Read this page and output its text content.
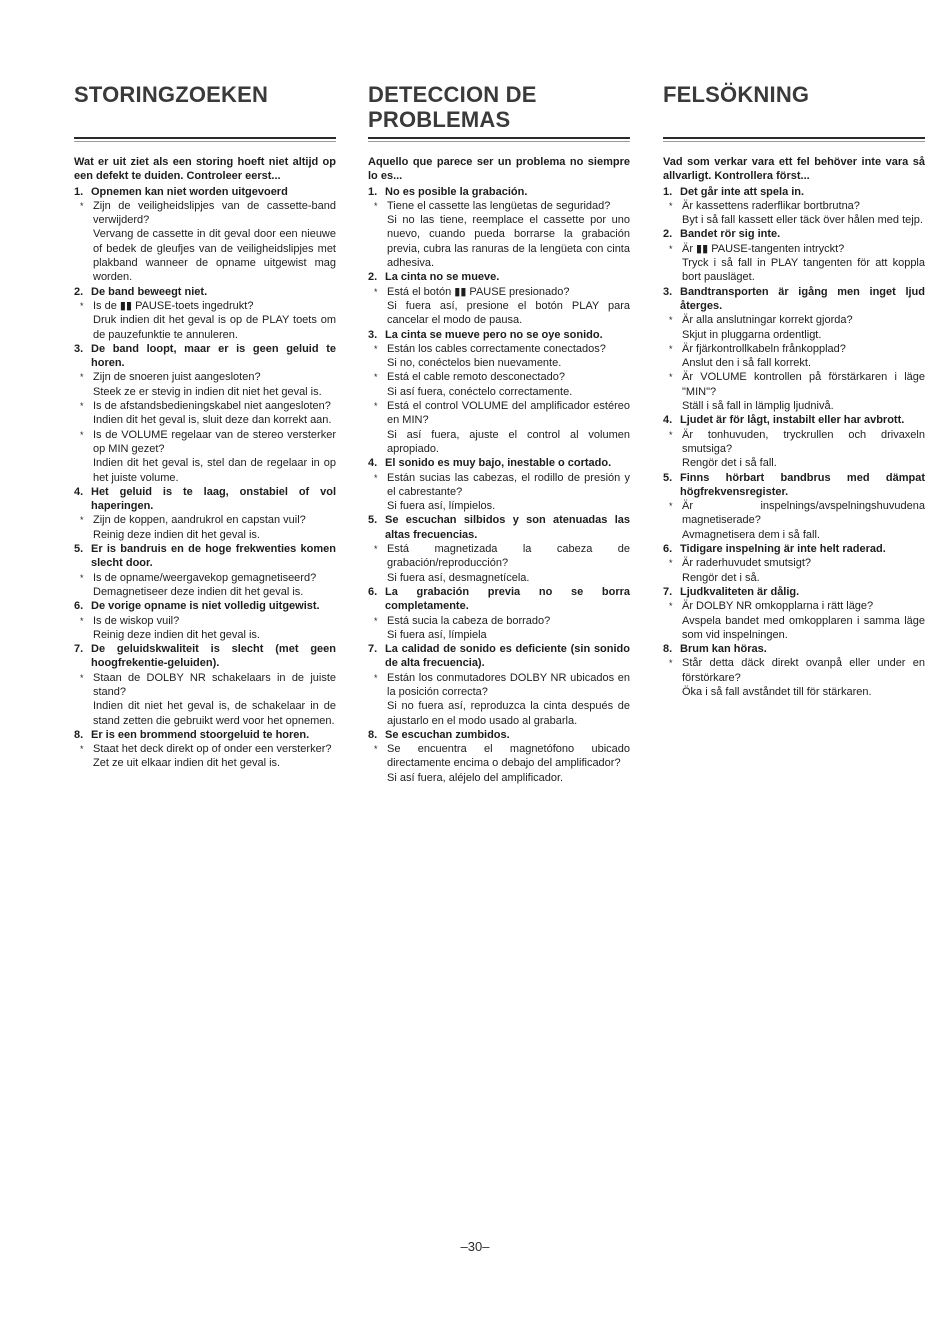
STORINGZOEKEN

Wat er uit ziet als een storing hoeft niet altijd op een defekt te duiden. Controleer eerst...

1. Opnemen kan niet worden uitgevoerd
* Zijn de veiligheidslipjes van de cassette-band verwijderd?
Vervang de cassette in dit geval door een nieuwe of bedek de gleufjes van de veiligheidslipjes met plakband wanneer de opname uitgewist mag worden.
2. De band beweegt niet.
* Is de ▮▮ PAUSE-toets ingedrukt?
Druk indien dit het geval is op de PLAY toets om de pauzefunktie te annuleren.
3. De band loopt, maar er is geen geluid te horen.
* Zijn de snoeren juist aangesloten?
Steek ze er stevig in indien dit niet het geval is.
* Is de afstandsbedieningskabel niet aangesloten?
Indien dit het geval is, sluit deze dan korrekt aan.
* Is de VOLUME regelaar van de stereo versterker op MIN gezet?
Indien dit het geval is, stel dan de regelaar in op het juiste volume.
4. Het geluid is te laag, onstabiel of vol haperingen.
* Zijn de koppen, aandrukrol en capstan vuil?
Reinig deze indien dit het geval is.
5. Er is bandruis en de hoge frekwenties komen slecht door.
* Is de opname/weergavekop gemagnetiseerd?
Demagnetiseer deze indien dit het geval is.
6. De vorige opname is niet volledig uitgewist.
* Is de wiskop vuil?
Reinig deze indien dit het geval is.
7. De geluidskwaliteit is slecht (met geen hoogfrekentie-geluiden).
* Staan de DOLBY NR schakelaars in de juiste stand?
Indien dit niet het geval is, de schakelaar in de stand zetten die gebruikt werd voor het opnemen.
8. Er is een brommend stoorgeluid te horen.
* Staat het deck direkt op of onder een versterker?
Zet ze uit elkaar indien dit het geval is.
DETECCION DE PROBLEMAS

Aquello que parece ser un problema no siempre lo es...

1. No es posible la grabación.
* Tiene el cassette las lengüetas de seguridad?
Si no las tiene, reemplace el cassette por uno nuevo, cuando pueda borrarse la grabación previa, cubra las ranuras de la lengüeta con cinta adhesiva.
2. La cinta no se mueve.
* Está el botón ▮▮ PAUSE presionado?
Si fuera así, presione el botón PLAY para cancelar el modo de pausa.
3. La cinta se mueve pero no se oye sonido.
* Están los cables correctamente conectados?
Si no, conéctelos bien nuevamente.
* Está el cable remoto desconectado?
Si así fuera, conéctelo correctamente.
* Está el control VOLUME del amplificador estéreo en MIN?
Si así fuera, ajuste el control al volumen apropiado.
4. El sonido es muy bajo, inestable o cortado.
* Están sucias las cabezas, el rodillo de presión y el cabrestante?
Si fuera así, límpielos.
5. Se escuchan silbidos y son atenuadas las altas frecuencias.
* Está magnetizada la cabeza de grabación/reproducción?
Si fuera así, desmagnetícela.
6. La grabación previa no se borra completamente.
* Está sucia la cabeza de borrado?
Si fuera así, límpiela
7. La calidad de sonido es deficiente (sin sonido de alta frecuencia).
* Están los conmutadores DOLBY NR ubicados en la posición correcta?
Si no fuera así, reproduzca la cinta después de ajustarlo en el modo usado al grabarla.
8. Se escuchan zumbidos.
* Se encuentra el magnetófono ubicado directamente encima o debajo del amplificador?
Si así fuera, aléjelo del amplificador.
FELSÖKNING

Vad som verkar vara ett fel behöver inte vara så allvarligt. Kontrollera först...

1. Det går inte att spela in.
* Är kassettens raderflikar bortbrutna?
Byt i så fall kassett eller täck över hålen med tejp.
2. Bandet rör sig inte.
* Är ▮▮ PAUSE-tangenten intryckt?
Tryck i så fall in PLAY tangenten för att koppla bort pausläget.
3. Bandtransporten är igång men inget ljud återges.
* Är alla anslutningar korrekt gjorda?
Skjut in pluggarna ordentligt.
* Är fjärkontrollkabeln frånkopplad?
Anslut den i så fall korrekt.
* Är VOLUME kontrollen på förstärkaren i läge "MIN"?
Ställ i så fall in lämplig ljudnivå.
4. Ljudet är för lågt, instabilt eller har avbrott.
* Är tonhuvuden, tryckrullen och drivaxeln smutsiga?
Rengör det i så fall.
5. Finns hörbart bandbrus med dämpat högfrekvensregister.
* Är inspelnings/avspelningshuvudena magnetiserade?
Avmagnetisera dem i så fall.
6. Tidigare inspelning är inte helt raderad.
* Är raderhuvudet smutsigt?
Rengör det i så.
7. Ljudkvaliteten är dålig.
* Är DOLBY NR omkopplarna i rätt läge?
Avspela bandet med omkopplaren i samma läge som vid inspelningen.
8. Brum kan höras.
* Står detta däck direkt ovanpå eller under en förstörkare?
Öka i så fall avståndet till för stärkaren.
–30–
